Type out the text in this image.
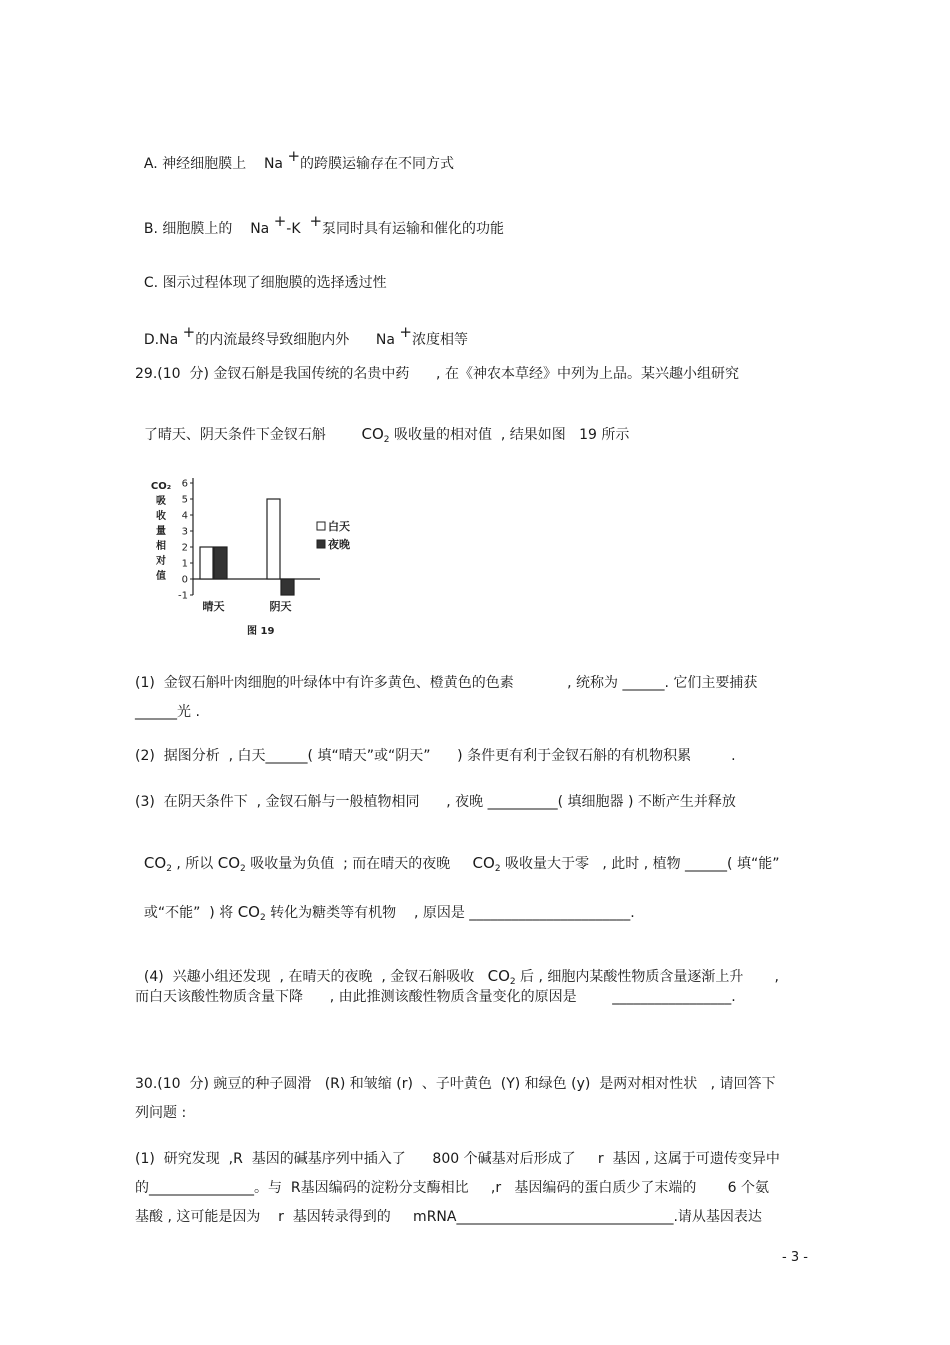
A. 神经细胞膜上    Na +的跨膜运输存在不同方式

B. 细胞膜上的    Na +-K  +泵同时具有运输和催化的功能

C. 图示过程体现了细胞膜的选择透过性

D.Na +的内流最终导致细胞内外      Na +浓度相等

29.(10  分) 金钗石斛是我国传统的名贵中药      , 在《神农本草经》中列为上品。某兴趣小组研究

了晴天、阴天条件下金钗石斛        $CO_2$ 吸收量的相对值  , 结果如图   19 所示

CO₂
吸
收
量
相
对
值
6
5
4
3
2
1
0
-1
晴天	阴天
白天
夜晚
图 19
(1)  金钗石斛叶肉细胞的叶绿体中有许多黄色、橙黄色的色素            , 统称为 ______. 它们主要捕获
______光 .
(2)  据图分析  , 白天______( 填“晴天”或“阴天”      ) 条件更有利于金钗石斛的有机物积累         .
(3)  在阴天条件下  , 金钗石斛与一般植物相同      , 夜晚 __________( 填细胞器 ) 不断产生并释放

$CO_2$ , 所以 $CO_2$ 吸收量为负值  ; 而在晴天的夜晚     $CO_2$ 吸收量大于零   , 此时 , 植物 ______( 填“能”

或“不能”  ) 将 $CO_2$ 转化为糖类等有机物    , 原因是 _______________________.

(4)  兴趣小组还发现  , 在晴天的夜晚  , 金钗石斛吸收   $CO_2$ 后 , 细胞内某酸性物质含量逐渐上升       ,

而白天该酸性物质含量下降      , 由此推测该酸性物质含量变化的原因是        _________________.
30.(10  分) 豌豆的种子圆滑   (R) 和皱缩 (r)  、子叶黄色  (Y) 和绿色 (y)  是两对相对性状   , 请回答下
列问题 :
(1)  研究发现  ,R  基因的碱基序列中插入了      800 个碱基对后形成了     r  基因 , 这属于可遗传变异中
的_______________。与  R基因编码的淀粉分支酶相比     ,r   基因编码的蛋白质少了末端的       6 个氨
基酸 , 这可能是因为    r  基因转录得到的     mRNA_______________________________.请从基因表达
- 3 -
